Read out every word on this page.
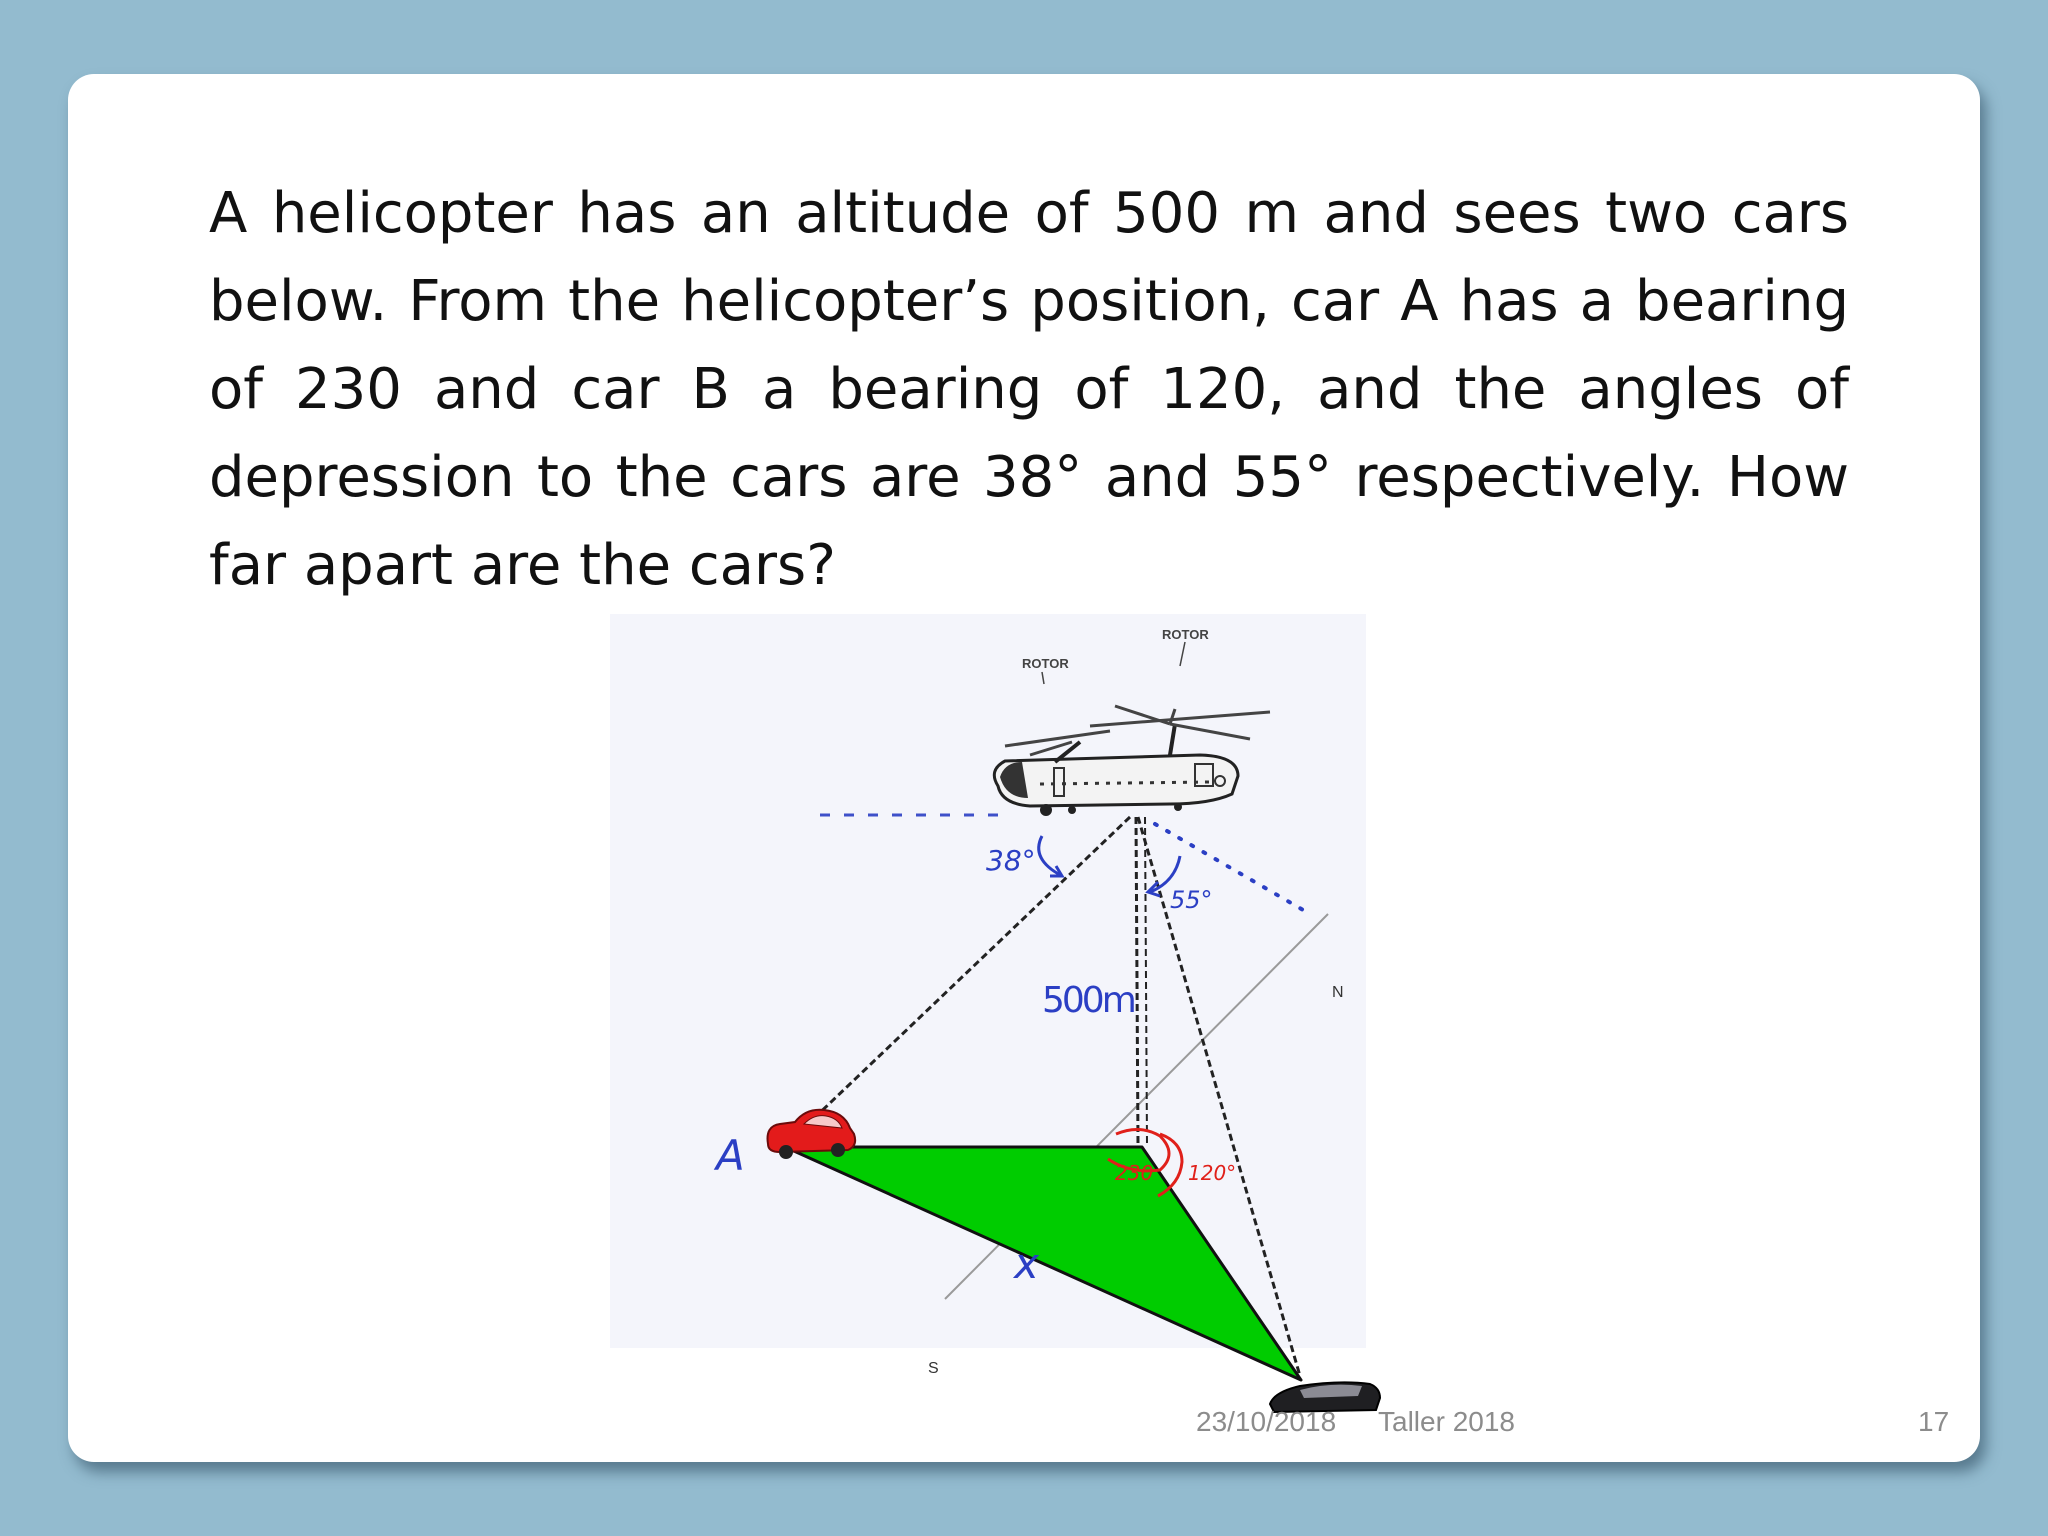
A helicopter has an altitude of 500 m and sees two cars below. From the helicopter’s position, car A has a bearing of 230 and car B a bearing of 120, and the angles of depression to the cars are 38° and 55° respectively. How far apart are the cars?

N
S
ROTOR
ROTOR
38°
55°
500m
230 120°
A
x
23/10/2018 Taller 2018	17
